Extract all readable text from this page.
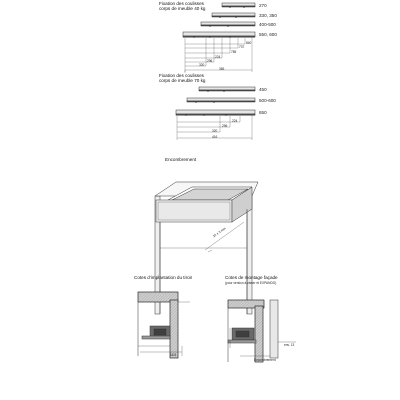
Fixation des coulisses
corps de meuble 40 kg
270
330, 350
400-500
550, 600
840
737
785
224
296
320
365
Fixation des coulisses
corps de meuble 70 kg
450
500-600
650
224
296
320
416
Encombrement
10 ± 3 mm
Cotes d’implantation du tiroir
16.5
Cotes de montage façade
(pour version à visser et EXPANDO)
env. 13
Encombrement
